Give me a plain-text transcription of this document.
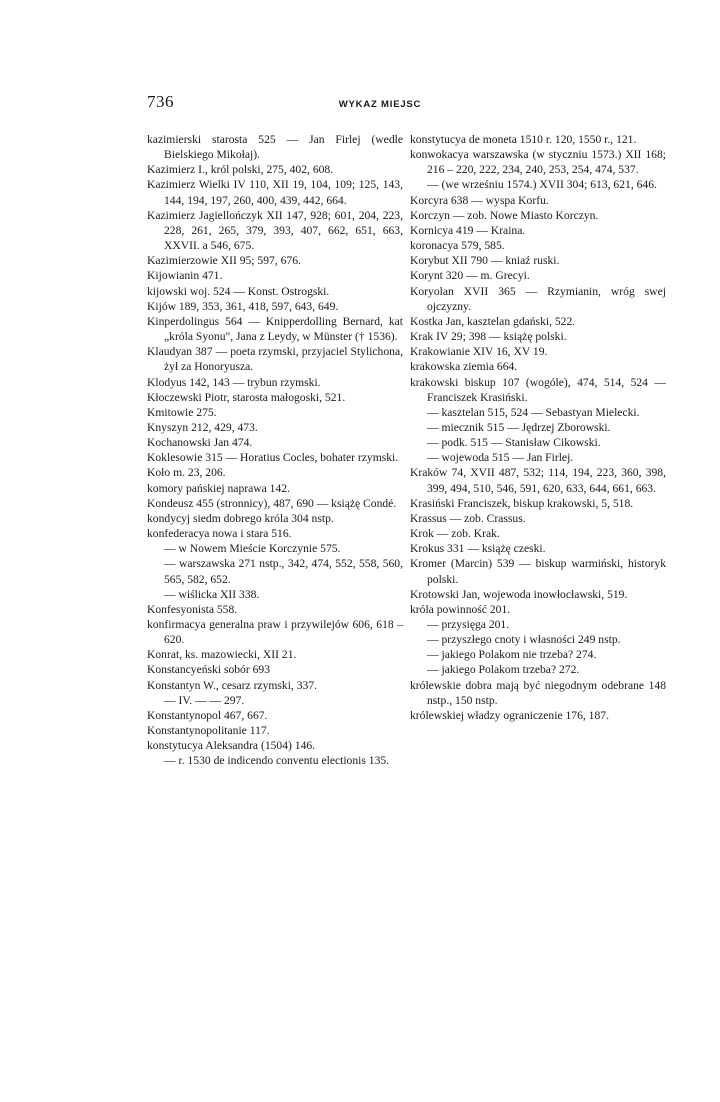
736	WYKAZ MIEJSC
kazimierski starosta 525 — Jan Firlej (wedle Bielskiego Mikołaj).
Kazimierz I., król polski, 275, 402, 608.
Kazimierz Wielki IV 110, XII 19, 104, 109; 125, 143, 144, 194, 197, 260, 400, 439, 442, 664.
Kazimierz Jagiellończyk XII 147, 928; 601, 204, 223, 228, 261, 265, 379, 393, 407, 662, 651, 663, XXVII. a 546, 675.
Kazimierzowie XII 95; 597, 676.
Kijowianin 471.
kijowski woj. 524 — Konst. Ostrogski.
Kijów 189, 353, 361, 418, 597, 643, 649.
Kinperdolingus 564 — Knipperdolling Bernard, kat „króla Syonu", Jana z Leydy, w Münster († 1536).
Klaudyan 387 — poeta rzymski, przyjaciel Stylichona, żył za Honoryusza.
Klodyus 142, 143 — trybun rzymski.
Kłoczewski Piotr, starosta małogoski, 521.
Kmitowie 275.
Knyszyn 212, 429, 473.
Kochanowski Jan 474.
Koklesowie 315 — Horatius Cocles, bohater rzymski.
Koło m. 23, 206.
komory pańskiej naprawa 142.
Kondeusz 455 (stronnicy), 487, 690 — książę Condé.
kondycyj siedm dobrego króla 304 nstp.
konfederacya nowa i stara 516.
— w Nowem Mieście Korczynie 575.
— warszawska 271 nstp., 342, 474, 552, 558, 560, 565, 582, 652.
— wiślicka XII 338.
Konfesyonista 558.
konfirmacya generalna praw i przywilejów 606, 618 – 620.
Konrat, ks. mazowiecki, XII 21.
Konstancyeński sobór 693
Konstantyn W., cesarz rzymski, 337.
— IV. — — 297.
Konstantynopol 467, 667.
Konstantynopolitanie 117.
konstytucya Aleksandra (1504) 146.
— r. 1530 de indicendo conventu electionis 135.
konstytucya de moneta 1510 r. 120, 1550 r., 121.
konwokacya warszawska (w styczniu 1573.) XII 168; 216 – 220, 222, 234, 240, 253, 254, 474, 537.
— (we wrześniu 1574.) XVII 304; 613, 621, 646.
Korcyra 638 — wyspa Korfu.
Korczyn — zob. Nowe Miasto Korczyn.
Kornicya 419 — Kraina.
koronacya 579, 585.
Korybut XII 790 — kniaź ruski.
Korynt 320 — m. Grecyi.
Koryolan XVII 365 — Rzymianin, wróg swej ojczyzny.
Kostka Jan, kasztelan gdański, 522.
Krak IV 29; 398 — książę polski.
Krakowianie XIV 16, XV 19.
krakowska ziemia 664.
krakowski biskup 107 (wogóle), 474, 514, 524 — Franciszek Krasiński.
— kasztelan 515, 524 — Sebastyan Mielecki.
— miecznik 515 — Jędrzej Zborowski.
— podk. 515 — Stanisław Cikowski.
— wojewoda 515 — Jan Firlej.
Kraków 74, XVII 487, 532; 114, 194, 223, 360, 398, 399, 494, 510, 546, 591, 620, 633, 644, 661, 663.
Krasiński Franciszek, biskup krakowski, 5, 518.
Krassus — zob. Crassus.
Krok — zob. Krak.
Krokus 331 — książę czeski.
Kromer (Marcin) 539 — biskup warmiński, historyk polski.
Krotowski Jan, wojewoda inowłocławski, 519.
króla powinność 201.
— przysięga 201.
— przyszłego cnoty i własności 249 nstp.
— jakiego Polakom nie trzeba? 274.
— jakiego Polakom trzeba? 272.
królewskie dobra mają być niegodnym odebrane 148 nstp., 150 nstp.
królewskiej władzy ograniczenie 176, 187.
